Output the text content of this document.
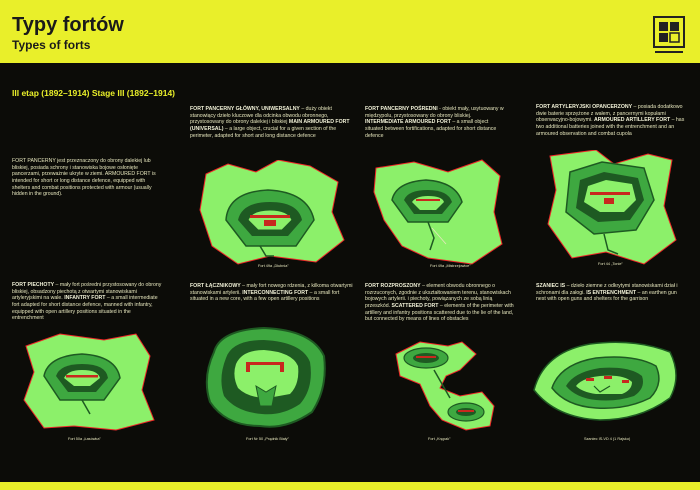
Typy fortów
Types of forts
III etap (1892–1914) Stage III (1892–1914)
FORT PANCERNY jest przeznaczony do obrony dalekiej lub bliskiej, posiada schrony i stanowiska bojowe osłonięte pancerzami, przeważnie ukryte w ziemi. ARMOURED FORT is intended for short or long distance defence, equipped with shelters and combat positions protected with armour (usually hidden in the ground).
FORT PANCERNY GŁÓWNY, UNIWERSALNY – duży obiekt stanowiący dzieło kluczowe dla odcinka obwodu obronnego, przystosowany do obrony dalekiej i bliskiej MAIN ARMOURED FORT (UNIVERSAL) – a large object, crucial for a given section of the perimeter, adapted for short and long distance defence
FORT PANCERNY POŚREDNI - obiekt mały, usytuowany w międzypolu, przystosowany do obrony bliskiej. INTERMEDIATE ARMOURED FORT – a small object situated between fortifications, adapted for short distance defence
FORT ARTYLERYJSKI OPANCERZONY – posiada dodatkowo dwie baterie sprzężone z wałem, z pancernymi kopułami obserwacyjno-bojowymi. ARMOURED ARTILLERY FORT – has two additional batteries joined with the entrenchment and an armoured observation and combat cupola
FORT PIECHOTY – mały fort pośredni przystosowany do obrony bliskiej, obsadzony piechotą z otwartymi stanowiskami artyleryjskimi na wale. INFANTRY FORT – a small intermediate fort adapted for short distance defence, manned with infantry, equipped with open artillery positions situated in the entrenchment
FORT ŁĄCZNIKOWY – mały fort nowego rdzenia, z kilkoma otwartymi stanowiskami artylerii. INTERCONNECTING FORT – a small fort situated in a new core, with a few open artillery positions
FORT ROZPROSZONY – element obwodu obronnego o rozrzuconych, zgodnie z ukształtowaniem terenu, stanowiskach bojowych artylerii. i piechoty, powiązanych ze sobą linią przeszkód. SCATTERED FORT – elements of the perimeter with artillery and infantry positions scattered due to the lie of the land, but connected by means of lines of obstacles
SZANIEC IS – dzieło ziemne z odkrytymi stanowiskami dział i schronami dla załogi. IS ENTRENCHMENT – an earthen gun nest with open guns and shelters for the garrison
Fort 49a „Dłubnia”	Fort 49a „Mistrzejowice”	Fort 44 „Tonie”
Fort 50a „Łasówka”	Fort Nr 50 „Prądnik Biały”	Fort „Krępak”	Szaniec IS-VD 4 (1 Rajsko)
